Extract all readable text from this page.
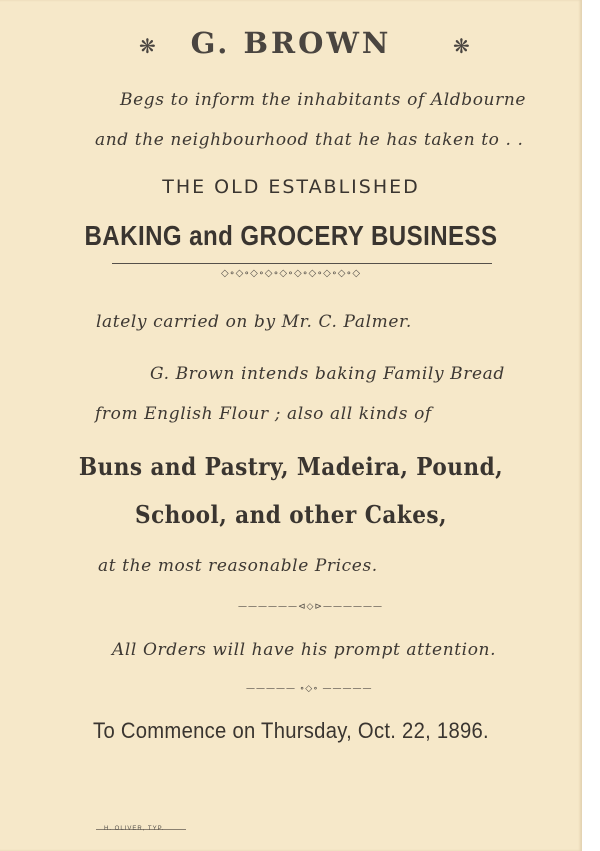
❋	G. BROWN	❋
Begs to inform the inhabitants of Aldbourne
and the neighbourhood that he has taken to . .
THE OLD ESTABLISHED
BAKING and GROCERY BUSINESS
◇∘◇∘◇∘◇∘◇∘◇∘◇∘◇∘◇∘◇
lately carried on by Mr. C. Palmer.
G. Brown intends baking Family Bread
from English Flour ; also all kinds of
Buns and Pastry, Madeira, Pound,
School, and other Cakes,
at the most reasonable Prices.
——————⊲◇⊳——————
All Orders will have his prompt attention.
————— ∘◇∘ —————
To Commence on Thursday, Oct. 22, 1896.
H. OLIVER, TYP.
